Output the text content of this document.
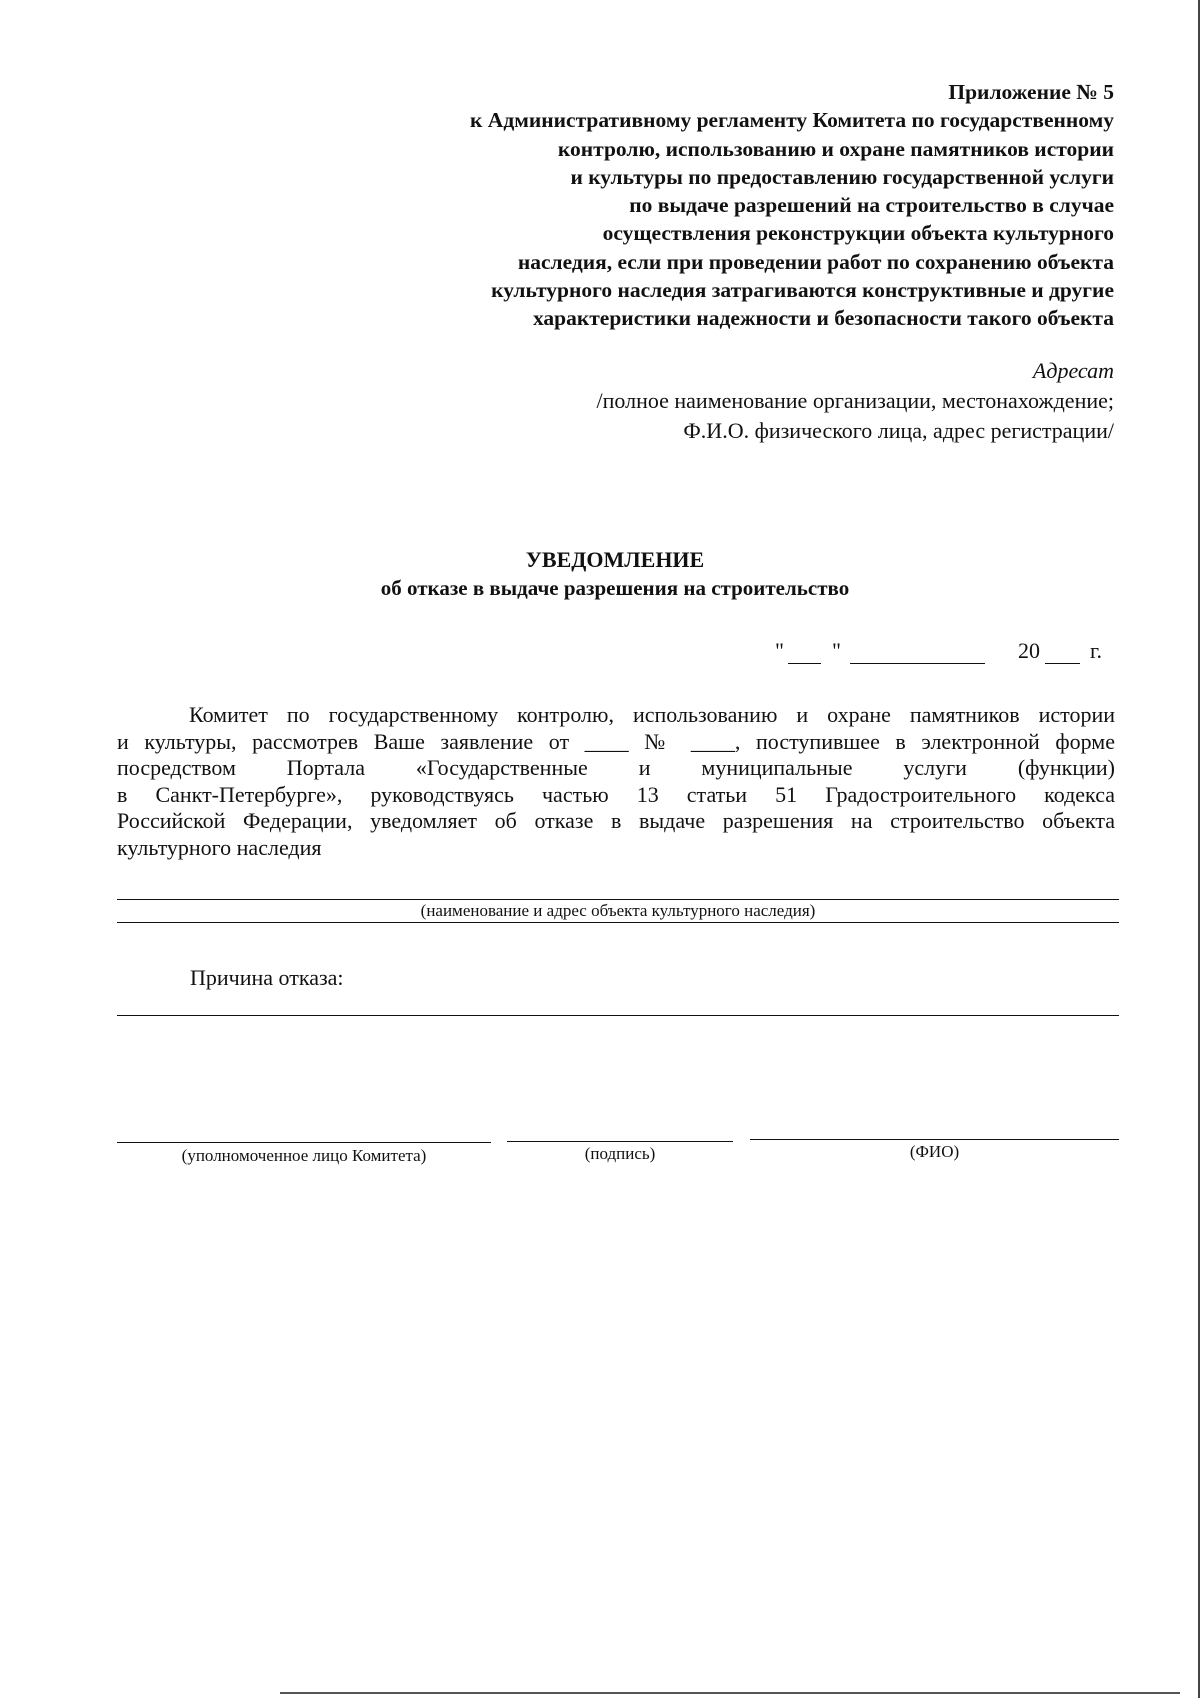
Приложение № 5
к Административному регламенту Комитета по государственному
контролю, использованию и охране памятников истории
и культуры по предоставлению государственной услуги
по выдаче разрешений на строительство в случае
осуществления реконструкции объекта культурного
наследия, если при проведении работ по сохранению объекта
культурного наследия затрагиваются конструктивные и другие
характеристики надежности и безопасности такого объекта
Адресат
/полное наименование организации, местонахождение;
Ф.И.О. физического лица, адрес регистрации/
УВЕДОМЛЕНИЕ
об отказе в выдаче разрешения на строительство
" "	20 г.
Комитет по государственному контролю, использованию и охране памятников истории
и культуры, рассмотрев Ваше заявление от ____ № ____, поступившее в электронной форме
посредством Портала «Государственные и муниципальные услуги (функции)
в Санкт-Петербурге», руководствуясь частью 13 статьи 51 Градостроительного кодекса
Российской Федерации, уведомляет об отказе в выдаче разрешения на строительство объекта
культурного наследия
(наименование и адрес объекта культурного наследия)
Причина отказа:
(уполномоченное лицо Комитета)	(подпись)	(ФИО)
